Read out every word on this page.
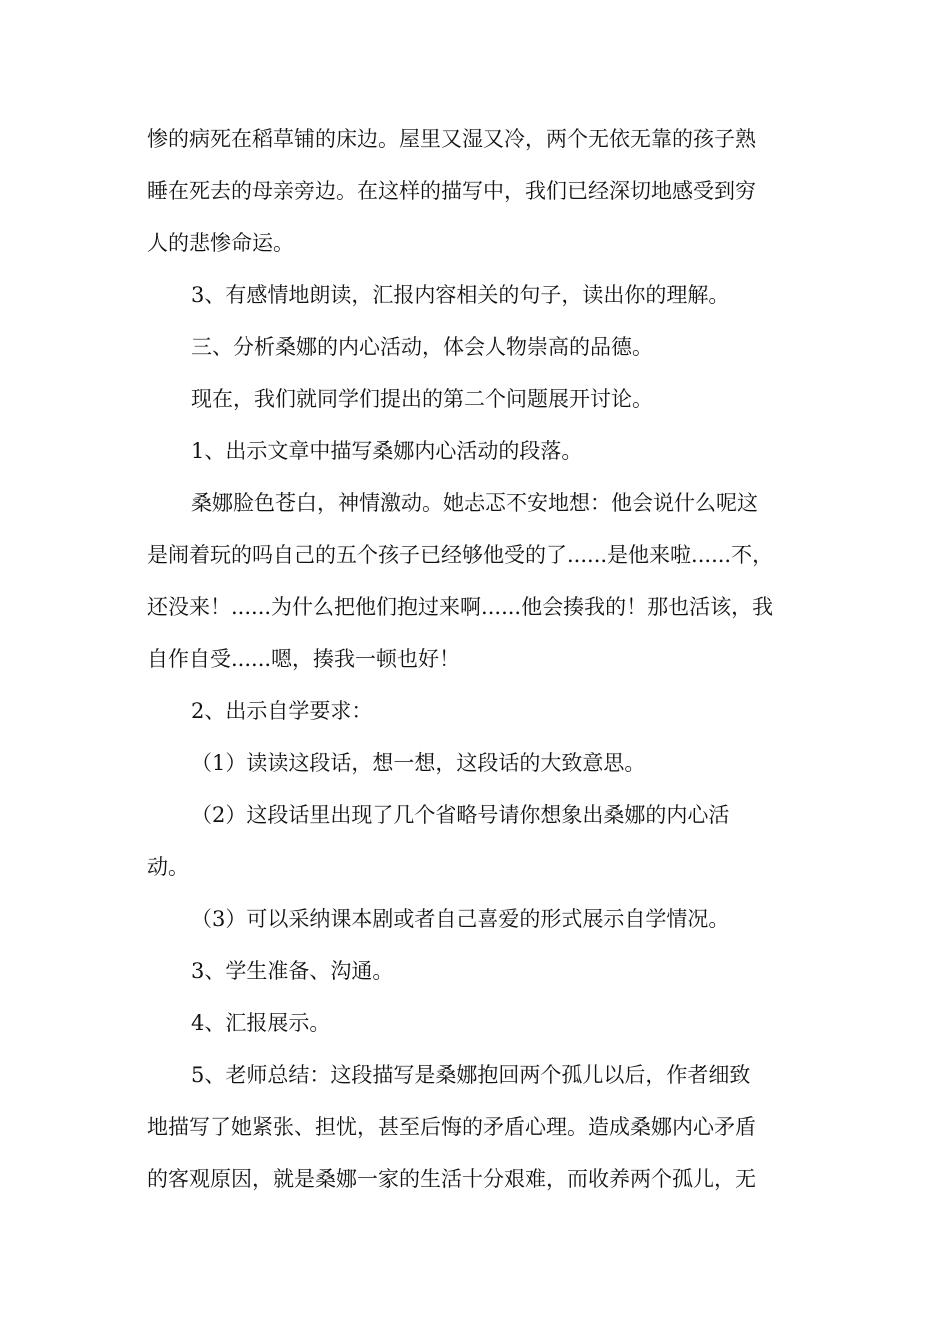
惨的病死在稻草铺的床边。屋里又湿又冷，两个无依无靠的孩子熟
睡在死去的母亲旁边。在这样的描写中，我们已经深切地感受到穷
人的悲惨命运。
3、有感情地朗读，汇报内容相关的句子，读出你的理解。
三、分析桑娜的内心活动，体会人物崇高的品德。
现在，我们就同学们提出的第二个问题展开讨论。
1、出示文章中描写桑娜内心活动的段落。
桑娜脸色苍白，神情激动。她忐忑不安地想：他会说什么呢这
是闹着玩的吗自己的五个孩子已经够他受的了......是他来啦......不，
还没来！......为什么把他们抱过来啊......他会揍我的！那也活该，我
自作自受......嗯，揍我一顿也好！
2、出示自学要求：
（1）读读这段话，想一想，这段话的大致意思。
（2）这段话里出现了几个省略号请你想象出桑娜的内心活
动。
（3）可以采纳课本剧或者自己喜爱的形式展示自学情况。
3、学生准备、沟通。
4、汇报展示。
5、老师总结：这段描写是桑娜抱回两个孤儿以后，作者细致
地描写了她紧张、担忧，甚至后悔的矛盾心理。造成桑娜内心矛盾
的客观原因，就是桑娜一家的生活十分艰难，而收养两个孤儿，无
